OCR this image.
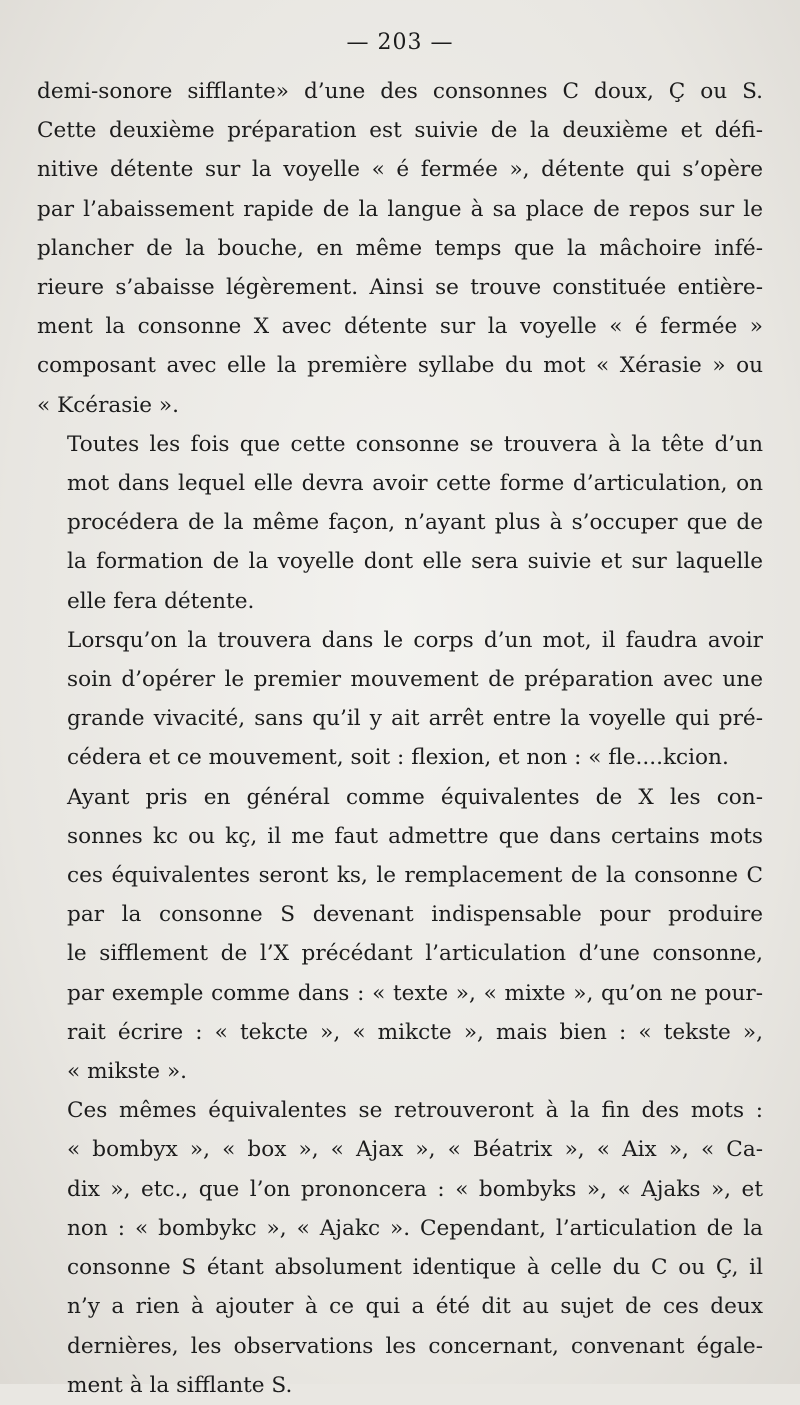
— 203 —

demi-sonore sifflante» d’une des consonnes C doux, Ç ou S.
Cette deuxième préparation est suivie de la deuxième et défi-
nitive détente sur la voyelle « é fermée », détente qui s’opère
par l’abaissement rapide de la langue à sa place de repos sur le
plancher de la bouche, en même temps que la mâchoire infé-
rieure s’abaisse légèrement. Ainsi se trouve constituée entière-
ment la consonne X avec détente sur la voyelle « é fermée »
composant avec elle la première syllabe du mot « Xérasie » ou
« Kcérasie ».

Toutes les fois que cette consonne se trouvera à la tête d’un
mot dans lequel elle devra avoir cette forme d’articulation, on
procédera de la même façon, n’ayant plus à s’occuper que de
la formation de la voyelle dont elle sera suivie et sur laquelle
elle fera détente.

Lorsqu’on la trouvera dans le corps d’un mot, il faudra avoir
soin d’opérer le premier mouvement de préparation avec une
grande vivacité, sans qu’il y ait arrêt entre la voyelle qui pré-
cédera et ce mouvement, soit : flexion, et non : « fle....kcion.

Ayant pris en général comme équivalentes de X les con-
sonnes kc ou kç, il me faut admettre que dans certains mots
ces équivalentes seront ks, le remplacement de la consonne C
par la consonne S devenant indispensable pour produire
le sifflement de l’X précédant l’articulation d’une consonne,
par exemple comme dans : « texte », « mixte », qu’on ne pour-
rait écrire : « tekcte », « mikcte », mais bien : « tekste »,
« mikste ».

Ces mêmes équivalentes se retrouveront à la fin des mots :
« bombyx », « box », « Ajax », « Béatrix », « Aix », « Ca-
dix », etc., que l’on prononcera : « bombyks », « Ajaks », et
non : « bombykc », « Ajakc ». Cependant, l’articulation de la
consonne S étant absolument identique à celle du C ou Ç, il
n’y a rien à ajouter à ce qui a été dit au sujet de ces deux
dernières, les observations les concernant, convenant égale-
ment à la sifflante S.
